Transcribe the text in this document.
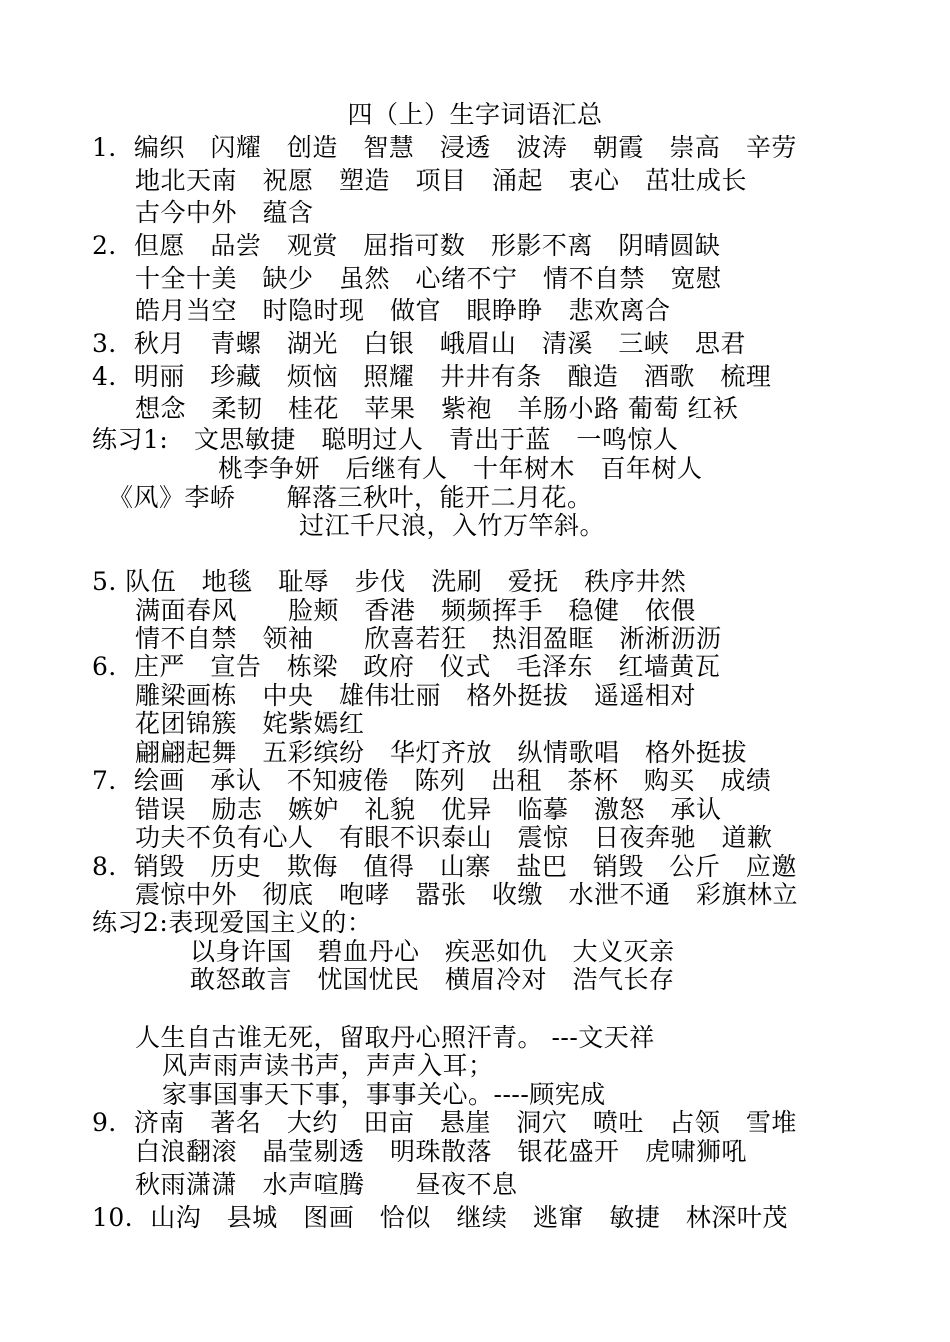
四（上）生字词语汇总
1．编织　闪耀　创造　智慧　浸透　波涛　朝霞　崇高　辛劳
地北天南　祝愿　塑造　项目　涌起　衷心　茁壮成长
古今中外　蕴含
2．但愿　品尝　观赏　屈指可数　形影不离　阴晴圆缺
十全十美　缺少　虽然　心绪不宁　情不自禁　宽慰
皓月当空　时隐时现　做官　眼睁睁　悲欢离合
3．秋月　青螺　湖光　白银　峨眉山　清溪　三峡　思君
4．明丽　珍藏　烦恼　照耀　井井有条　酿造　酒歌　梳理
想念　柔韧　桂花　苹果　紫袍　羊肠小路 葡萄 红袄
练习1:　文思敏捷　聪明过人　青出于蓝　一鸣惊人
桃李争妍　后继有人　十年树木　百年树人
《风》李峤　　解落三秋叶，能开二月花。
过江千尺浪，入竹万竿斜。
5. 队伍　地毯　耻辱　步伐　洗刷　爱抚　秩序井然
满面春风　　脸颊　香港　频频挥手　稳健　依偎
情不自禁　领袖　　欣喜若狂　热泪盈眶　淅淅沥沥
6．庄严　宣告　栋梁　政府　仪式　毛泽东　红墙黄瓦
雕梁画栋　中央　雄伟壮丽　格外挺拔　遥遥相对
花团锦簇　姹紫嫣红
翩翩起舞　五彩缤纷　华灯齐放　纵情歌唱　格外挺拔
7．绘画　承认　不知疲倦　陈列　出租　茶杯　购买　成绩
错误　励志　嫉妒　礼貌　优异　临摹　激怒　承认
功夫不负有心人　有眼不识泰山　震惊　日夜奔驰　道歉
8．销毁　历史　欺侮　值得　山寨　盐巴　销毁　公斤　应邀
震惊中外　彻底　咆哮　嚣张　收缴　水泄不通　彩旗林立
练习2:表现爱国主义的：
以身许国　碧血丹心　疾恶如仇　大义灭亲
敢怒敢言　忧国忧民　横眉冷对　浩气长存
人生自古谁无死，留取丹心照汗青。 ---文天祥
风声雨声读书声，声声入耳；
家事国事天下事，事事关心。----顾宪成
9．济南　著名　大约　田亩　悬崖　洞穴　喷吐　占领　雪堆
白浪翻滚　晶莹剔透　明珠散落　银花盛开　虎啸狮吼
秋雨潇潇　水声喧腾　　昼夜不息
10．山沟　县城　图画　恰似　继续　逃窜　敏捷　林深叶茂
